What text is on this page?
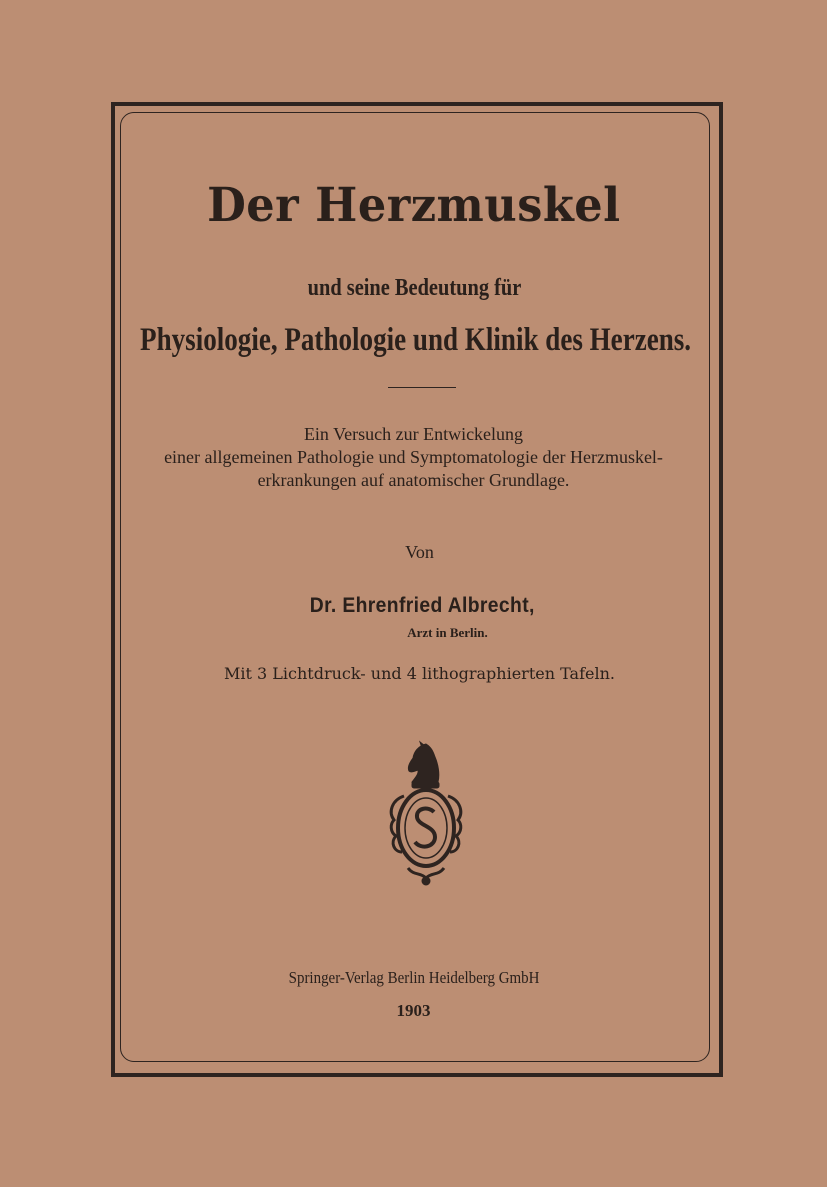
Der Herzmuskel
und seine Bedeutung für
Physiologie, Pathologie und Klinik des Herzens.
Ein Versuch zur Entwickelung
einer allgemeinen Pathologie und Symptomatologie der Herzmuskel-
erkrankungen auf anatomischer Grundlage.
Von
Dr. Ehrenfried Albrecht,
Arzt in Berlin.
Mit 3 Lichtdruck- und 4 lithographierten Tafeln.
Springer-Verlag Berlin Heidelberg GmbH
1903
